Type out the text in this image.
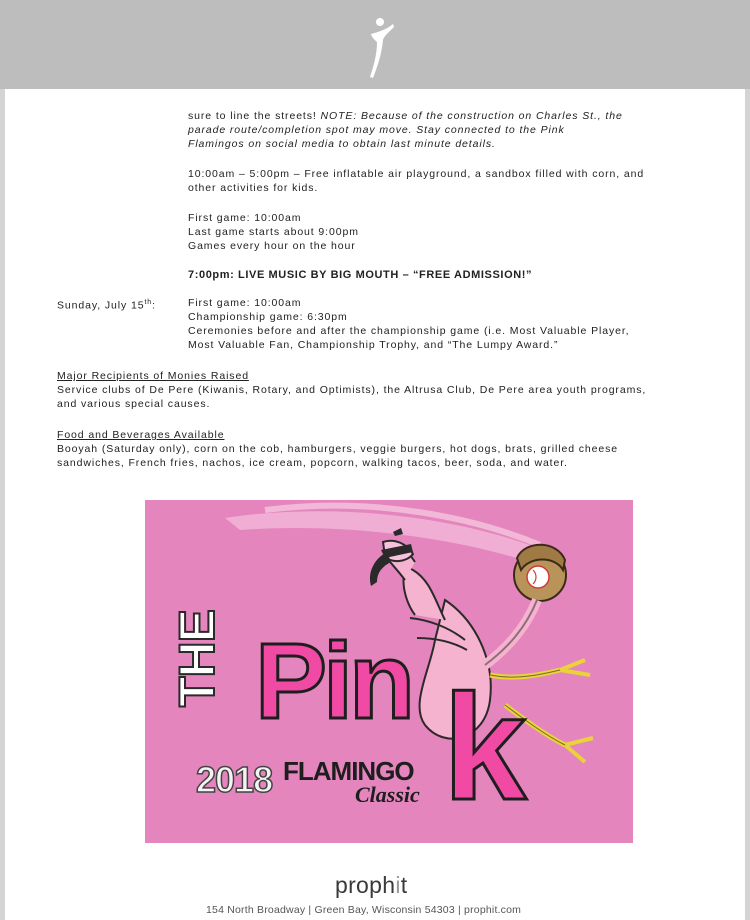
sure to line the streets! NOTE: Because of the construction on Charles St., the
parade route/completion spot may move. Stay connected to the Pink
Flamingos on social media to obtain last minute details.
10:00am – 5:00pm – Free inflatable air playground, a sandbox filled with corn, and
other activities for kids.
First game: 10:00am
Last game starts about 9:00pm
Games every hour on the hour
7:00pm: LIVE MUSIC BY BIG MOUTH – “FREE ADMISSION!”
Sunday, July 15th:	First game: 10:00am
Championship game: 6:30pm
Ceremonies before and after the championship game (i.e. Most Valuable Player,
Most Valuable Fan, Championship Trophy, and “The Lumpy Award.”
Major Recipients of Monies Raised
Service clubs of De Pere (Kiwanis, Rotary, and Optimists), the Altrusa Club, De Pere area youth programs,
and various special causes.
Food and Beverages Available
Booyah (Saturday only), corn on the cob, hamburgers, veggie burgers, hot dogs, brats, grilled cheese
sandwiches, French fries, nachos, ice cream, popcorn, walking tacos, beer, soda, and water.
THE Pin k
2018 FLAMINGO
Classic
prophit
154 North Broadway | Green Bay, Wisconsin 54303 | prophit.com
